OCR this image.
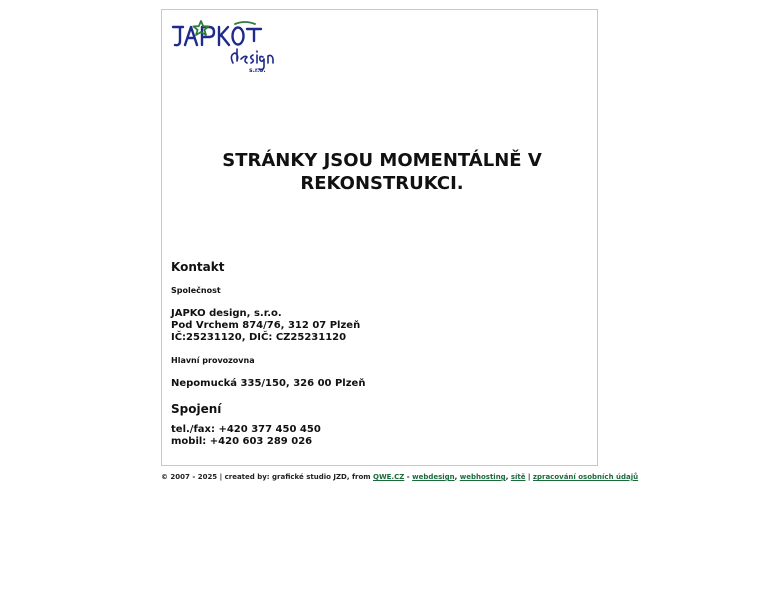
s.r.o.
STRÁNKY JSOU MOMENTÁLNĚ V REKONSTRUKCI.
Kontakt
Společnost
JAPKO design, s.r.o.
Pod Vrchem 874/76, 312 07 Plzeň
IČ:25231120, DIČ: CZ25231120
Hlavní provozovna
Nepomucká 335/150, 326 00 Plzeň
Spojení
tel./fax: +420 377 450 450
mobil: +420 603 289 026
© 2007 - 2025 | created by: grafické studio JZD, from QWE.CZ - webdesign, webhosting, sítě | zpracování osobních údajů
